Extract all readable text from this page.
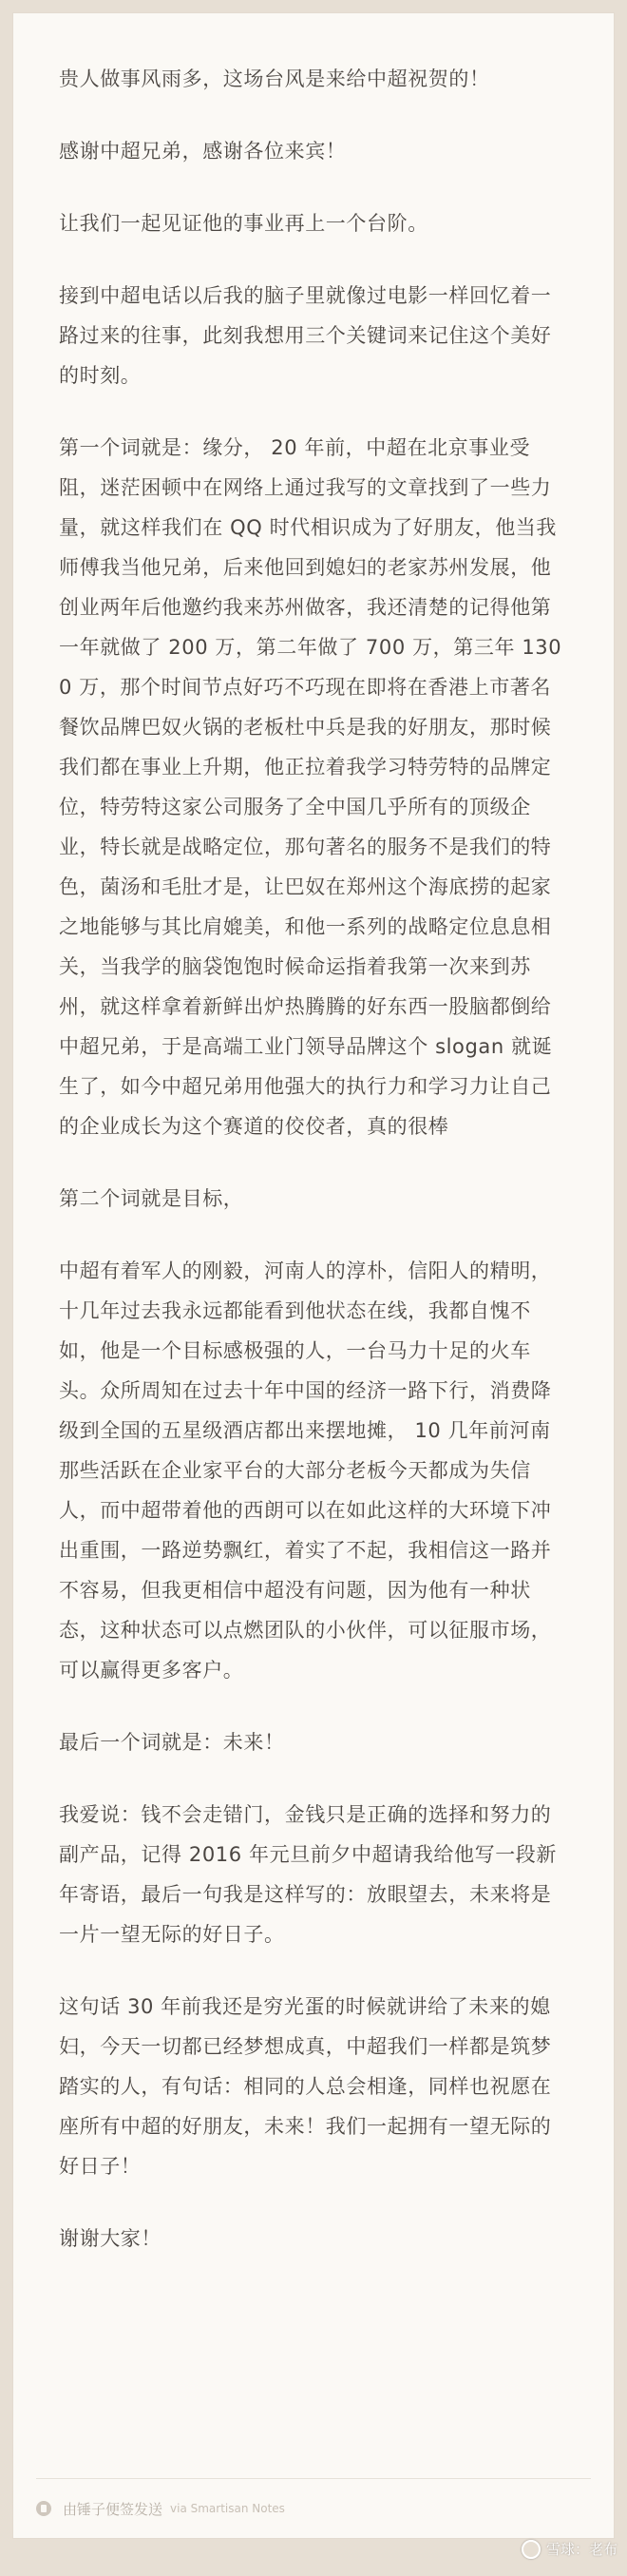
贵人做事风雨多，这场台风是来给中超祝贺的！

感谢中超兄弟，感谢各位来宾！

让我们一起见证他的事业再上一个台阶。

接到中超电话以后我的脑子里就像过电影一样回忆着一路过来的往事，此刻我想用三个关键词来记住这个美好的时刻。

第一个词就是：缘分， 20 年前，中超在北京事业受阻，迷茫困顿中在网络上通过我写的文章找到了一些力量，就这样我们在 QQ 时代相识成为了好朋友，他当我师傅我当他兄弟，后来他回到媳妇的老家苏州发展，他创业两年后他邀约我来苏州做客，我还清楚的记得他第一年就做了 200 万，第二年做了 700 万，第三年 1300 万，那个时间节点好巧不巧现在即将在香港上市著名餐饮品牌巴奴火锅的老板杜中兵是我的好朋友，那时候我们都在事业上升期，他正拉着我学习特劳特的品牌定位，特劳特这家公司服务了全中国几乎所有的顶级企业，特长就是战略定位，那句著名的服务不是我们的特色，菌汤和毛肚才是，让巴奴在郑州这个海底捞的起家之地能够与其比肩媲美，和他一系列的战略定位息息相关，当我学的脑袋饱饱时候命运指着我第一次来到苏州，就这样拿着新鲜出炉热腾腾的好东西一股脑都倒给中超兄弟，于是高端工业门领导品牌这个 slogan 就诞生了，如今中超兄弟用他强大的执行力和学习力让自己的企业成长为这个赛道的佼佼者，真的很棒

第二个词就是目标，

中超有着军人的刚毅，河南人的淳朴，信阳人的精明，十几年过去我永远都能看到他状态在线，我都自愧不如，他是一个目标感极强的人，一台马力十足的火车头。众所周知在过去十年中国的经济一路下行，消费降级到全国的五星级酒店都出来摆地摊， 10 几年前河南那些活跃在企业家平台的大部分老板今天都成为失信人，而中超带着他的西朗可以在如此这样的大环境下冲出重围，一路逆势飘红，着实了不起，我相信这一路并不容易，但我更相信中超没有问题，因为他有一种状态，这种状态可以点燃团队的小伙伴，可以征服市场，可以赢得更多客户。

最后一个词就是：未来！

我爱说：钱不会走错门，金钱只是正确的选择和努力的副产品，记得 2016 年元旦前夕中超请我给他写一段新年寄语，最后一句我是这样写的：放眼望去，未来将是一片一望无际的好日子。

这句话 30 年前我还是穷光蛋的时候就讲给了未来的媳妇，今天一切都已经梦想成真，中超我们一样都是筑梦踏实的人，有句话：相同的人总会相逢，同样也祝愿在座所有中超的好朋友，未来！我们一起拥有一望无际的好日子！

谢谢大家！

由锤子便签发送 via Smartisan Notes
雪球：老布
